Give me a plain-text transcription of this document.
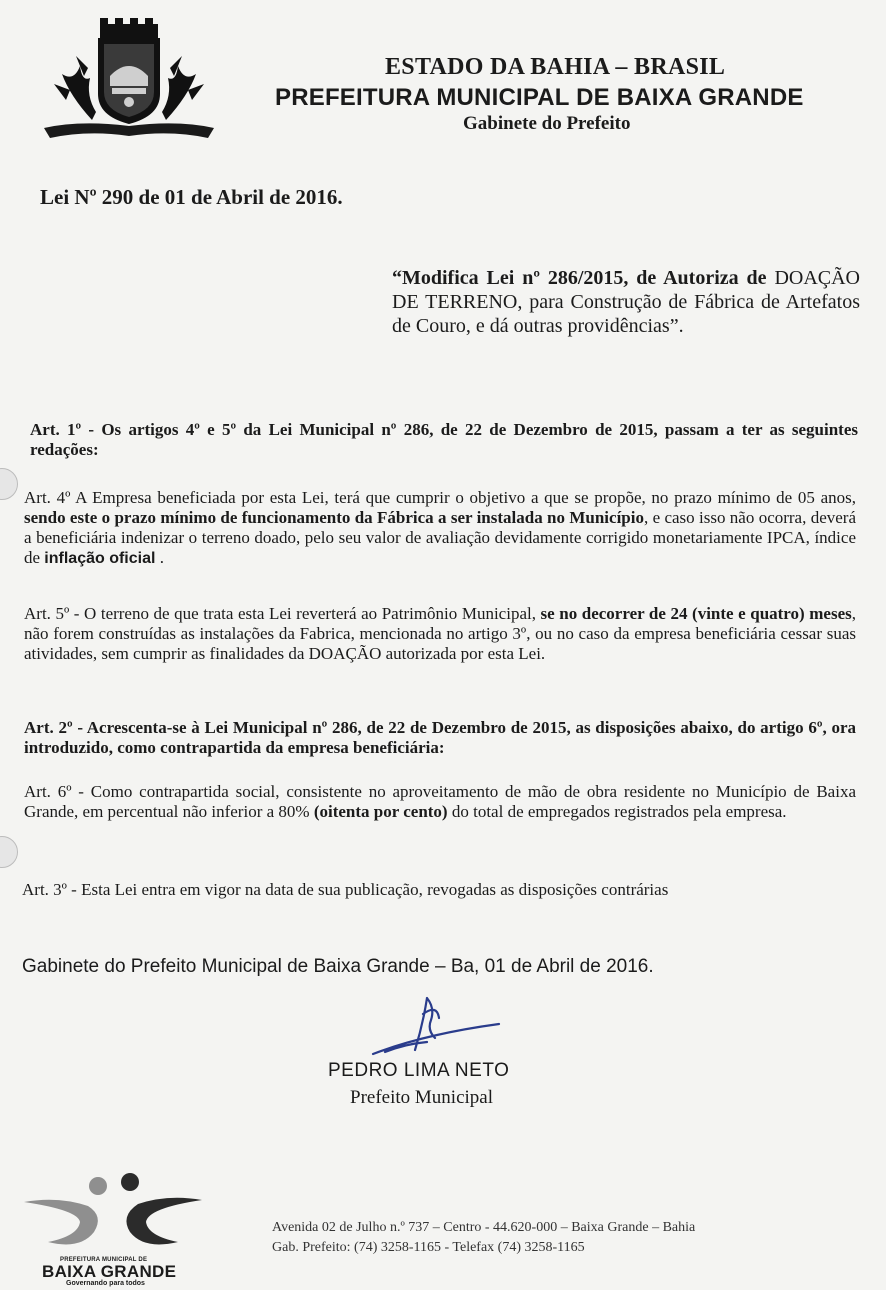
ESTADO DA BAHIA – BRASIL
PREFEITURA MUNICIPAL DE BAIXA GRANDE
Gabinete do Prefeito
Lei Nº 290 de 01 de Abril de 2016.
“Modifica Lei nº 286/2015, de Autoriza de DOAÇÃO DE TERRENO, para Construção de Fábrica de Artefatos de Couro, e dá outras providências”.
Art. 1º - Os artigos 4º e 5º da Lei Municipal nº 286, de 22 de Dezembro de 2015, passam a ter as seguintes redações:
Art. 4º A Empresa beneficiada por esta Lei, terá que cumprir o objetivo a que se propõe, no prazo mínimo de 05 anos, sendo este o prazo mínimo de funcionamento da Fábrica a ser instalada no Município, e caso isso não ocorra, deverá a beneficiária indenizar o terreno doado, pelo seu valor de avaliação devidamente corrigido monetariamente IPCA, índice de inflação oficial .
Art. 5º - O terreno de que trata esta Lei reverterá ao Patrimônio Municipal, se no decorrer de 24 (vinte e quatro) meses, não forem construídas as instalações da Fabrica, mencionada no artigo 3º, ou no caso da empresa beneficiária cessar suas atividades, sem cumprir as finalidades da DOAÇÃO autorizada por esta Lei.
Art. 2º - Acrescenta-se à Lei Municipal nº 286, de 22 de Dezembro de 2015, as disposições abaixo, do artigo 6º, ora introduzido, como contrapartida da empresa beneficiária:
Art. 6º - Como contrapartida social, consistente no aproveitamento de mão de obra residente no Município de Baixa Grande, em percentual não inferior a 80% (oitenta por cento) do total de empregados registrados pela empresa.
Art. 3º - Esta Lei entra em vigor na data de sua publicação, revogadas as disposições contrárias
Gabinete do Prefeito Municipal de Baixa Grande – Ba, 01 de Abril de 2016.
PEDRO LIMA NETO
Prefeito Municipal
PREFEITURA MUNICIPAL DE
BAIXA GRANDE
Governando para todos
Avenida 02 de Julho n.º 737 – Centro - 44.620-000 – Baixa Grande – Bahia
Gab. Prefeito: (74) 3258-1165 - Telefax (74) 3258-1165
